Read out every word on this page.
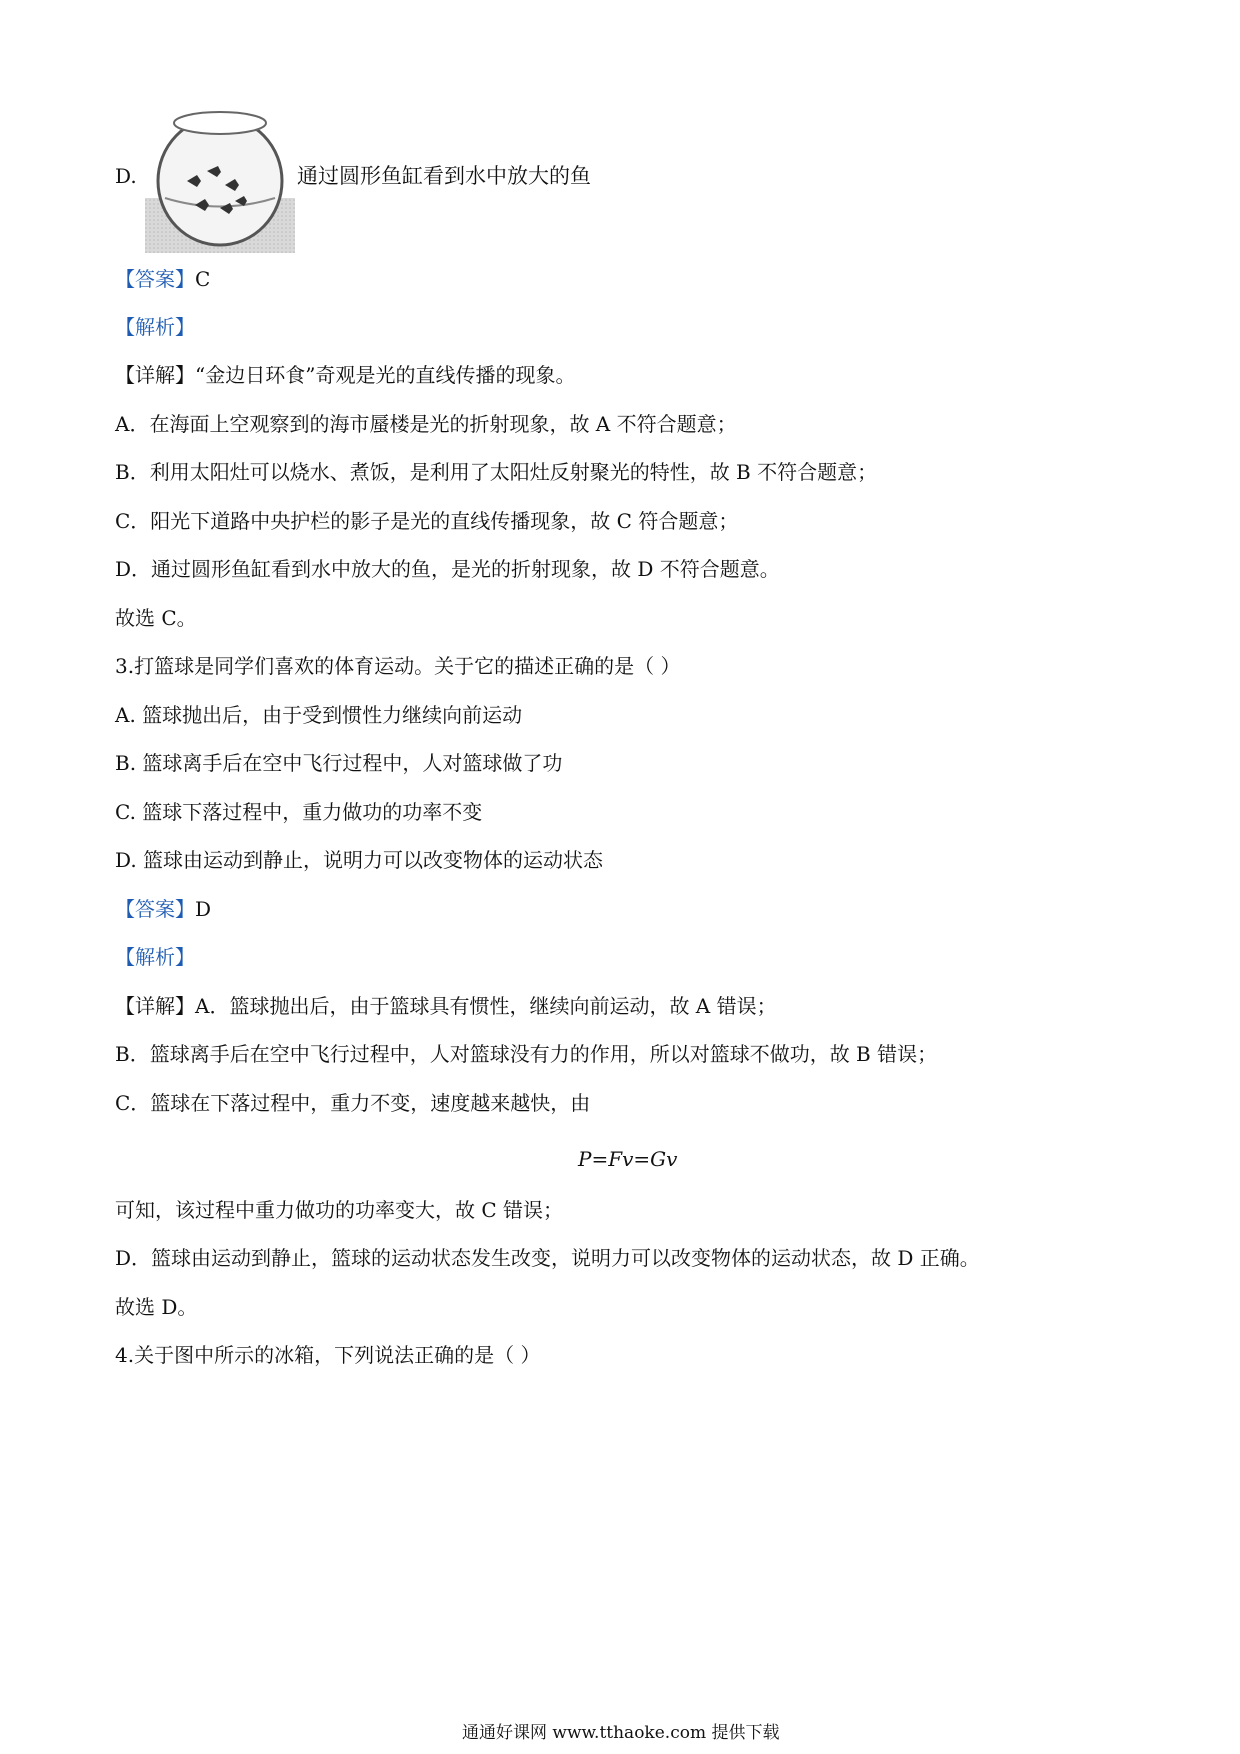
D.	通过圆形鱼缸看到水中放大的鱼
【答案】C
【解析】
【详解】“金边日环食”奇观是光的直线传播的现象。
A．在海面上空观察到的海市蜃楼是光的折射现象，故 A 不符合题意；
B．利用太阳灶可以烧水、煮饭，是利用了太阳灶反射聚光的特性，故 B 不符合题意；
C．阳光下道路中央护栏的影子是光的直线传播现象，故 C 符合题意；
D．通过圆形鱼缸看到水中放大的鱼，是光的折射现象，故 D 不符合题意。
故选 C。
3.打篮球是同学们喜欢的体育运动。关于它的描述正确的是（ ）
A. 篮球抛出后，由于受到惯性力继续向前运动
B. 篮球离手后在空中飞行过程中，人对篮球做了功
C. 篮球下落过程中，重力做功的功率不变
D. 篮球由运动到静止，说明力可以改变物体的运动状态
【答案】D
【解析】
【详解】A．篮球抛出后，由于篮球具有惯性，继续向前运动，故 A 错误；
B．篮球离手后在空中飞行过程中，人对篮球没有力的作用，所以对篮球不做功，故 B 错误；
C．篮球在下落过程中，重力不变，速度越来越快，由
P=Fv=Gv
可知，该过程中重力做功的功率变大，故 C 错误；
D．篮球由运动到静止，篮球的运动状态发生改变，说明力可以改变物体的运动状态，故 D 正确。
故选 D。
4.关于图中所示的冰箱，下列说法正确的是（ ）
通通好课网 www.tthaoke.com 提供下载
